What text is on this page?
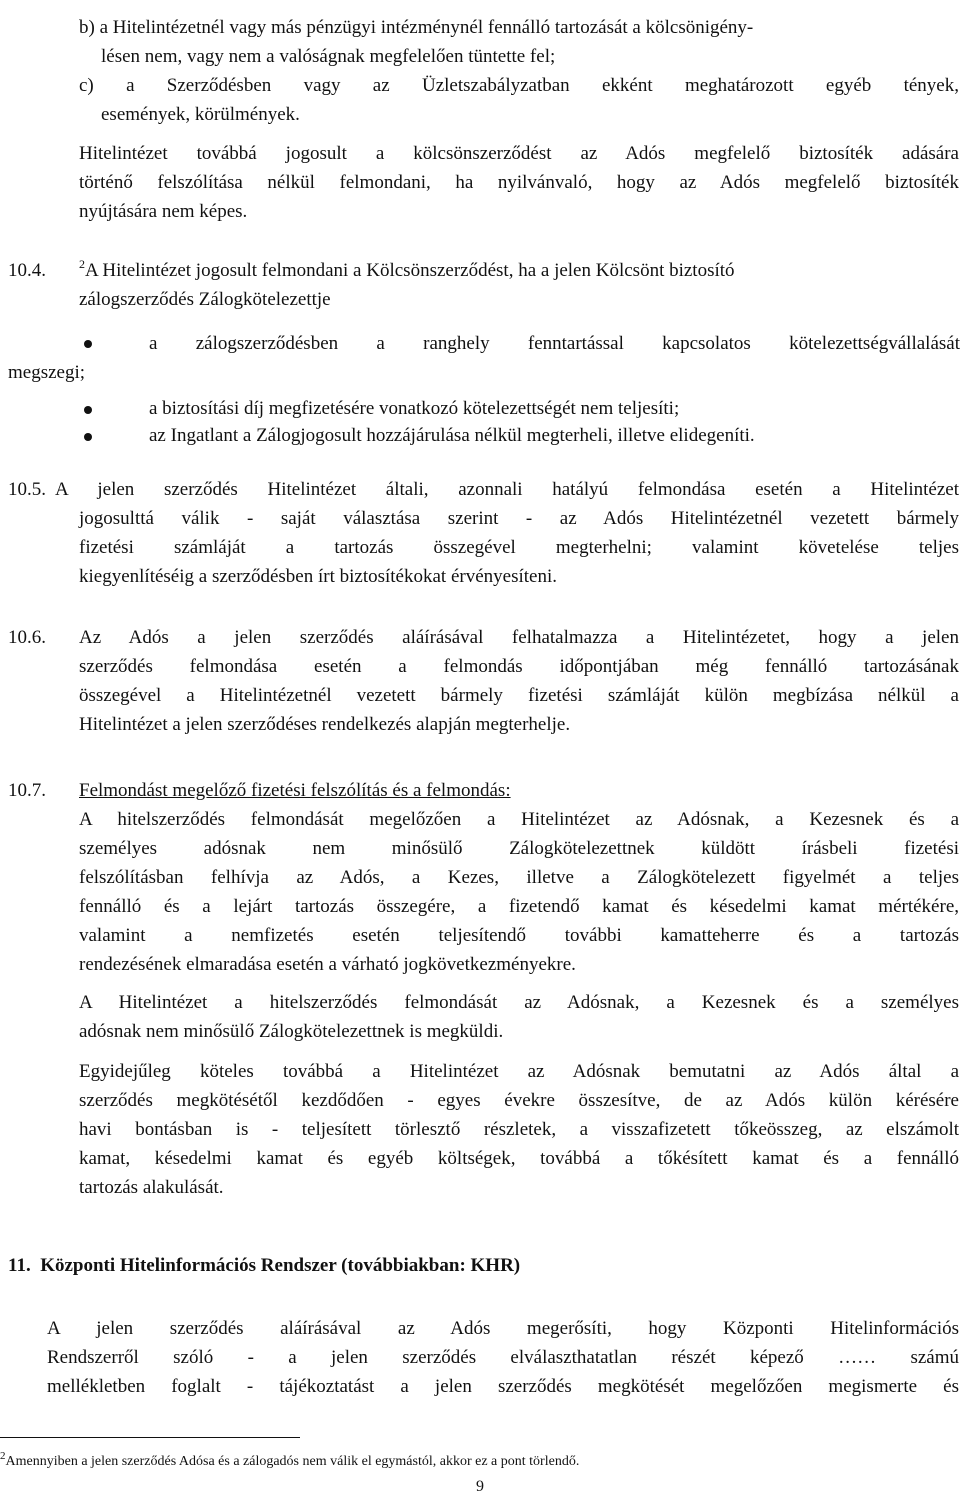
b) a Hitelintézetnél vagy más pénzügyi intézménynél fennálló tartozását a kölcsönigény-
lésen nem, vagy nem a valóságnak megfelelően tüntette fel;
c) a Szerződésben vagy az Üzletszabályzatban ekként meghatározott egyéb tények,
események, körülmények.
Hitelintézet továbbá jogosult a kölcsönszerződést az Adós megfelelő biztosíték adására
történő felszólítása nélkül felmondani, ha nyilvánvaló, hogy az Adós megfelelő biztosíték
nyújtására nem képes.
10.4.	$^2$A Hitelintézet jogosult felmondani a Kölcsönszerződést, ha a jelen Kölcsönt biztosító
zálogszerződés Zálogkötelezettje
a zálogszerződésben a ranghely fenntartással kapcsolatos kötelezettségvállalását
megszegi;
a biztosítási díj megfizetésére vonatkozó kötelezettségét nem teljesíti;
az Ingatlant a Zálogjogosult hozzájárulása nélkül megterheli, illetve elidegeníti.
10.5. A jelen szerződés Hitelintézet általi, azonnali hatályú felmondása esetén a Hitelintézet
jogosulttá válik - saját választása szerint - az Adós Hitelintézetnél vezetett bármely
fizetési számláját a tartozás összegével megterhelni; valamint követelése teljes
kiegyenlítéséig a szerződésben írt biztosítékokat érvényesíteni.
10.6. Az Adós a jelen szerződés aláírásával felhatalmazza a Hitelintézetet, hogy a jelen
szerződés felmondása esetén a felmondás időpontjában még fennálló tartozásának
összegével a Hitelintézetnél vezetett bármely fizetési számláját külön megbízása nélkül a
Hitelintézet a jelen szerződéses rendelkezés alapján megterhelje.
10.7. Felmondást megelőző fizetési felszólítás és a felmondás:
A hitelszerződés felmondását megelőzően a Hitelintézet az Adósnak, a Kezesnek és a
személyes adósnak nem minősülő Zálogkötelezettnek küldött írásbeli fizetési
felszólításban felhívja az Adós, a Kezes, illetve a Zálogkötelezett figyelmét a teljes
fennálló és a lejárt tartozás összegére, a fizetendő kamat és késedelmi kamat mértékére,
valamint a nemfizetés esetén teljesítendő további kamatteherre és a tartozás
rendezésének elmaradása esetén a várható jogkövetkezményekre.
A Hitelintézet a hitelszerződés felmondását az Adósnak, a Kezesnek és a személyes
adósnak nem minősülő Zálogkötelezettnek is megküldi.
Egyidejűleg köteles továbbá a Hitelintézet az Adósnak bemutatni az Adós által a
szerződés megkötésétől kezdődően - egyes évekre összesítve, de az Adós külön kérésére
havi bontásban is - teljesített törlesztő részletek, a visszafizetett tőkeösszeg, az elszámolt
kamat, késedelmi kamat és egyéb költségek, továbbá a tőkésített kamat és a fennálló
tartozás alakulását.
11.  Központi Hitelinformációs Rendszer (továbbiakban: KHR)
A jelen szerződés aláírásával az Adós megerősíti, hogy Központi Hitelinformációs
Rendszerről szóló - a jelen szerződés elválaszthatatlan részét képező …… számú
mellékletben foglalt - tájékoztatást a jelen szerződés megkötését megelőzően megismerte és
$^2$Amennyiben a jelen szerződés Adósa és a zálogadós nem válik el egymástól, akkor ez a pont törlendő.
9
